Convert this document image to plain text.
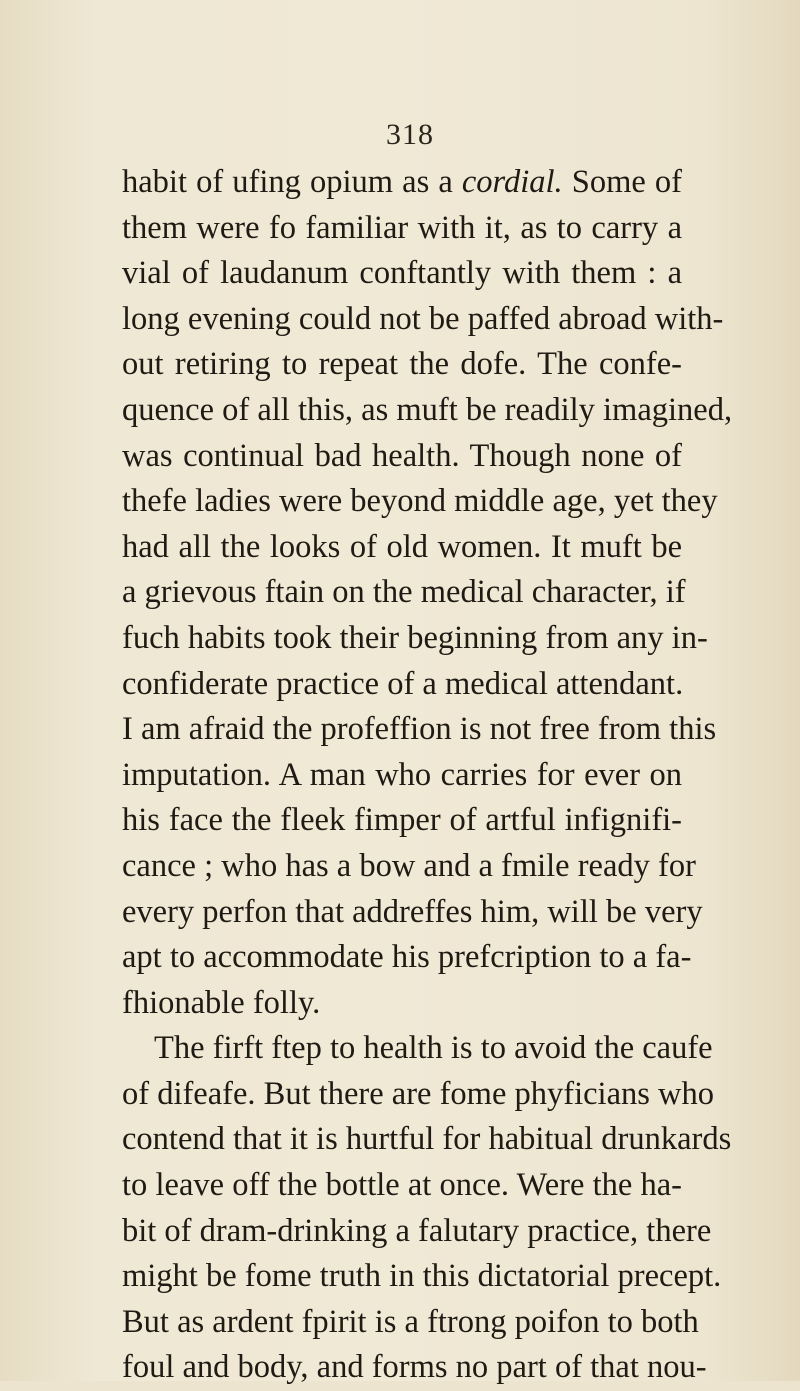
318
habit of ufing opium as a cordial. Some of
them were fo familiar with it, as to carry a
vial of laudanum conftantly with them : a
long evening could not be paffed abroad with-
out retiring to repeat the dofe. The confe-
quence of all this, as muft be readily imagined,
was continual bad health. Though none of
thefe ladies were beyond middle age, yet they
had all the looks of old women. It muft be
a grievous ftain on the medical character, if
fuch habits took their beginning from any in-
confiderate practice of a medical attendant.
I am afraid the profeffion is not free from this
imputation. A man who carries for ever on
his face the fleek fimper of artful infignifi-
cance ; who has a bow and a fmile ready for
every perfon that addreffes him, will be very
apt to accommodate his prefcription to a fa-
fhionable folly.
The firft ftep to health is to avoid the caufe
of difeafe. But there are fome phyficians who
contend that it is hurtful for habitual drunkards
to leave off the bottle at once. Were the ha-
bit of dram-drinking a falutary practice, there
might be fome truth in this dictatorial precept.
But as ardent fpirit is a ftrong poifon to both
foul and body, and forms no part of that nou-
